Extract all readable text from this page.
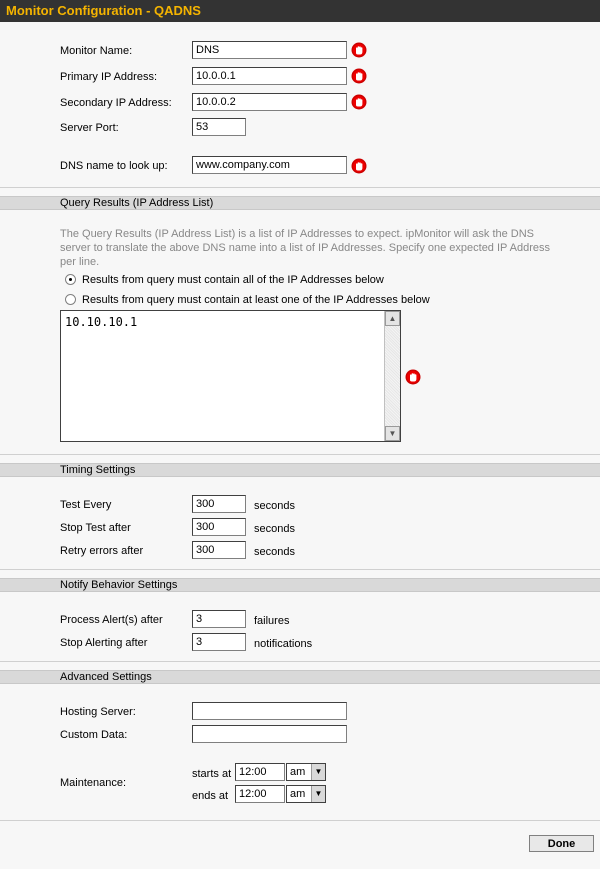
Monitor Configuration - QADNS
Monitor Name:	DNS
Primary IP Address:	10.0.0.1
Secondary IP Address:	10.0.0.2
Server Port:	53
DNS name to look up:	www.company.com
Query Results (IP Address List)
The Query Results (IP Address List) is a list of IP Addresses to expect. ipMonitor will ask the DNS server to translate the above DNS name into a list of IP Addresses. Specify one expected IP Address per line.
Results from query must contain all of the IP Addresses below
Results from query must contain at least one of the IP Addresses below
10.10.10.1	▲
▼
Timing Settings
Test Every	300	seconds
Stop Test after	300	seconds
Retry errors after	300	seconds
Notify Behavior Settings
Process Alert(s) after	3	failures
Stop Alerting after	3	notifications
Advanced Settings
Hosting Server:
Custom Data:
Maintenance:
starts at 12:00	am	▼
ends at 12:00	am	▼
Done
